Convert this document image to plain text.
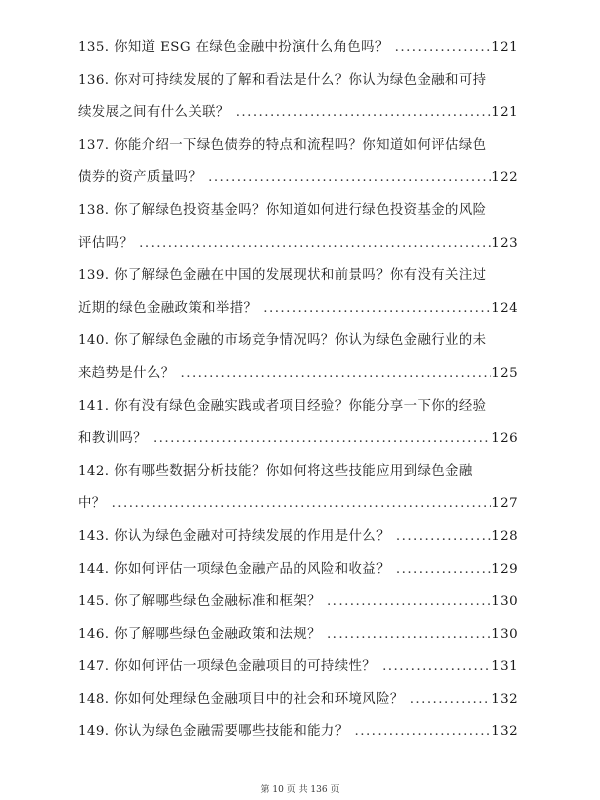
135. 你知道 ESG 在绿色金融中扮演什么角色吗？ . . .	121
136. 你对可持续发展的了解和看法是什么？你认为绿色金融和可持
续发展之间有什么关联？ . . .	121
137. 你能介绍一下绿色债券的特点和流程吗？你知道如何评估绿色
债券的资产质量吗？ . . .	122
138. 你了解绿色投资基金吗？你知道如何进行绿色投资基金的风险
评估吗？ . . .	123
139. 你了解绿色金融在中国的发展现状和前景吗？你有没有关注过
近期的绿色金融政策和举措？ . . .	124
140. 你了解绿色金融的市场竞争情况吗？你认为绿色金融行业的未
来趋势是什么？ . . .	125
141. 你有没有绿色金融实践或者项目经验？你能分享一下你的经验
和教训吗？ . . .	126
142. 你有哪些数据分析技能？你如何将这些技能应用到绿色金融
中？ . . .	127
143. 你认为绿色金融对可持续发展的作用是什么？ . . .	128
144. 你如何评估一项绿色金融产品的风险和收益？ . . .	129
145. 你了解哪些绿色金融标准和框架？ . . .	130
146. 你了解哪些绿色金融政策和法规？ . . .	130
147. 你如何评估一项绿色金融项目的可持续性？ . . .	131
148. 你如何处理绿色金融项目中的社会和环境风险？ . . .	132
149. 你认为绿色金融需要哪些技能和能力？ . . .	132
第 10 页 共 136 页
